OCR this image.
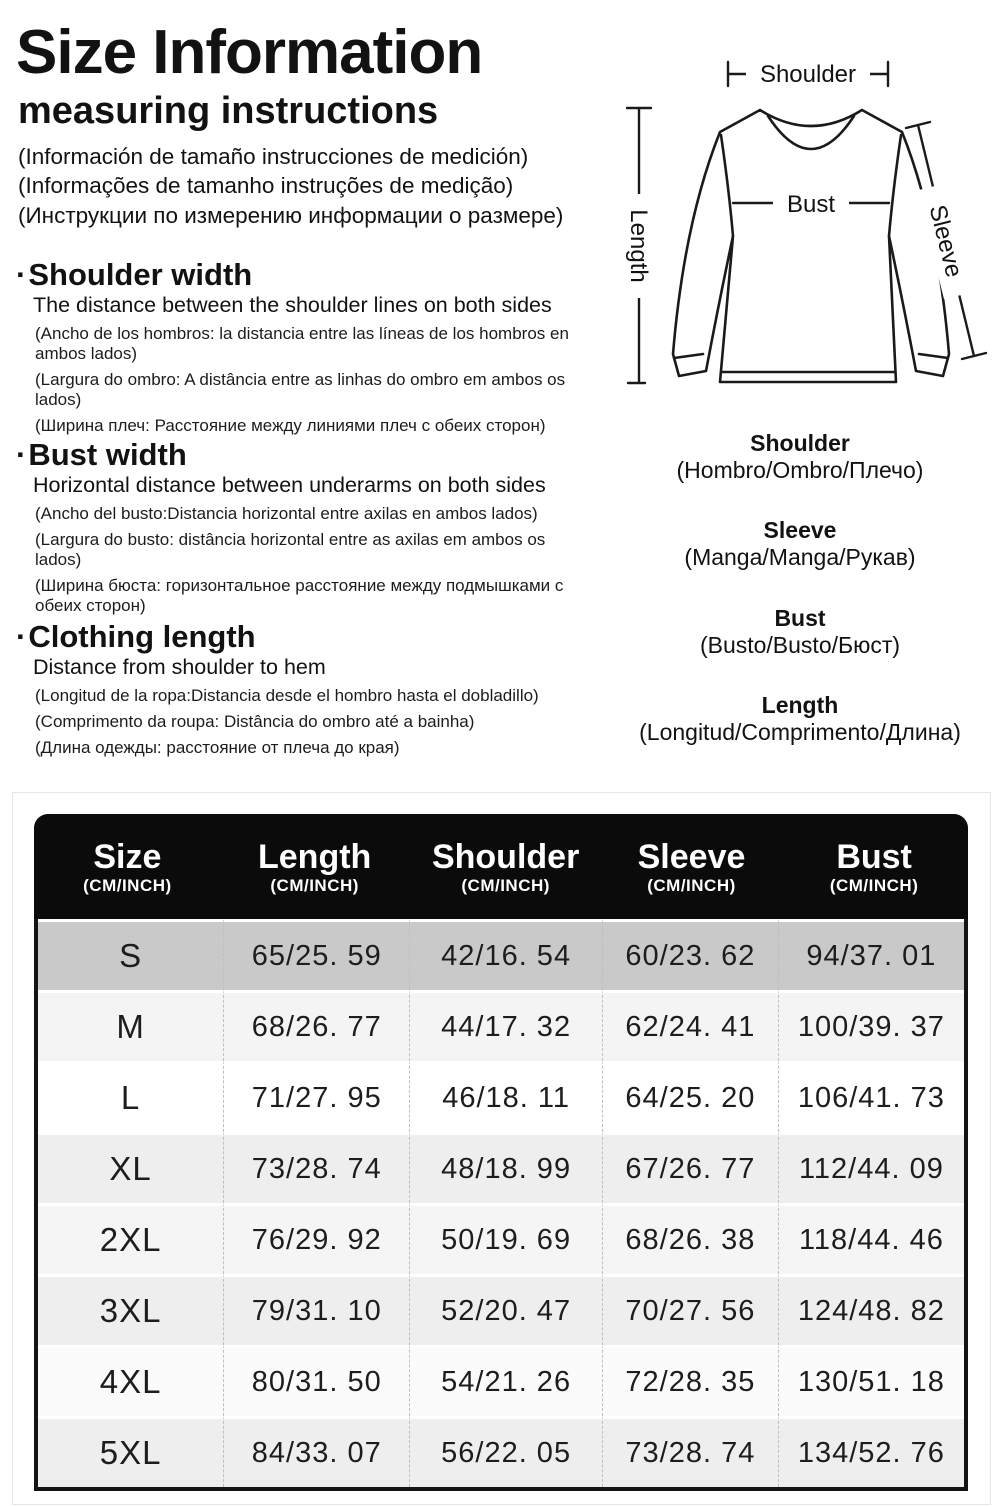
Size Information
measuring instructions

(Información de tamaño instrucciones de medición)

(Informações de tamanho instruções de medição)

(Инструкции по измерению информации о размере)

· Shoulder width

The distance between the shoulder lines on both sides

(Ancho de los hombros: la distancia entre las líneas de los hombros en ambos lados)

(Largura do ombro: A distância entre as linhas do ombro em ambos os lados)

(Ширина плеч: Расстояние между линиями плеч с обеих сторон)

· Bust width

Horizontal distance between underarms on both sides

(Ancho del busto:Distancia horizontal entre axilas en ambos lados)

(Largura do busto: distância horizontal entre as axilas em ambos os lados)

(Ширина бюста: горизонтальное расстояние между подмышками с обеих сторон)

· Clothing length

Distance from shoulder to hem

(Longitud de la ropa:Distancia desde el hombro hasta el dobladillo)

(Comprimento da roupa: Distância do ombro até a bainha)

(Длина одежды: расстояние от плеча до края)

Shoulder
Length
Bust	Sleeve
Shoulder
(Hombro/Ombro/Плечо)
Sleeve
(Manga/Manga/Рукав)
Bust
(Busto/Busto/Бюст)
Length
(Longitud/Comprimento/Длина)
Size
(CM/INCH)
Length
(CM/INCH)
Shoulder
(CM/INCH)
Sleeve
(CM/INCH)
Bust
(CM/INCH)
S	65/25. 59	42/16. 54	60/23. 62	94/37. 01
M	68/26. 77	44/17. 32	62/24. 41	100/39. 37
L	71/27. 95	46/18. 11	64/25. 20	106/41. 73
XL	73/28. 74	48/18. 99	67/26. 77	112/44. 09
2XL	76/29. 92	50/19. 69	68/26. 38	118/44. 46
3XL	79/31. 10	52/20. 47	70/27. 56	124/48. 82
4XL	80/31. 50	54/21. 26	72/28. 35	130/51. 18
5XL	84/33. 07	56/22. 05	73/28. 74	134/52. 76
